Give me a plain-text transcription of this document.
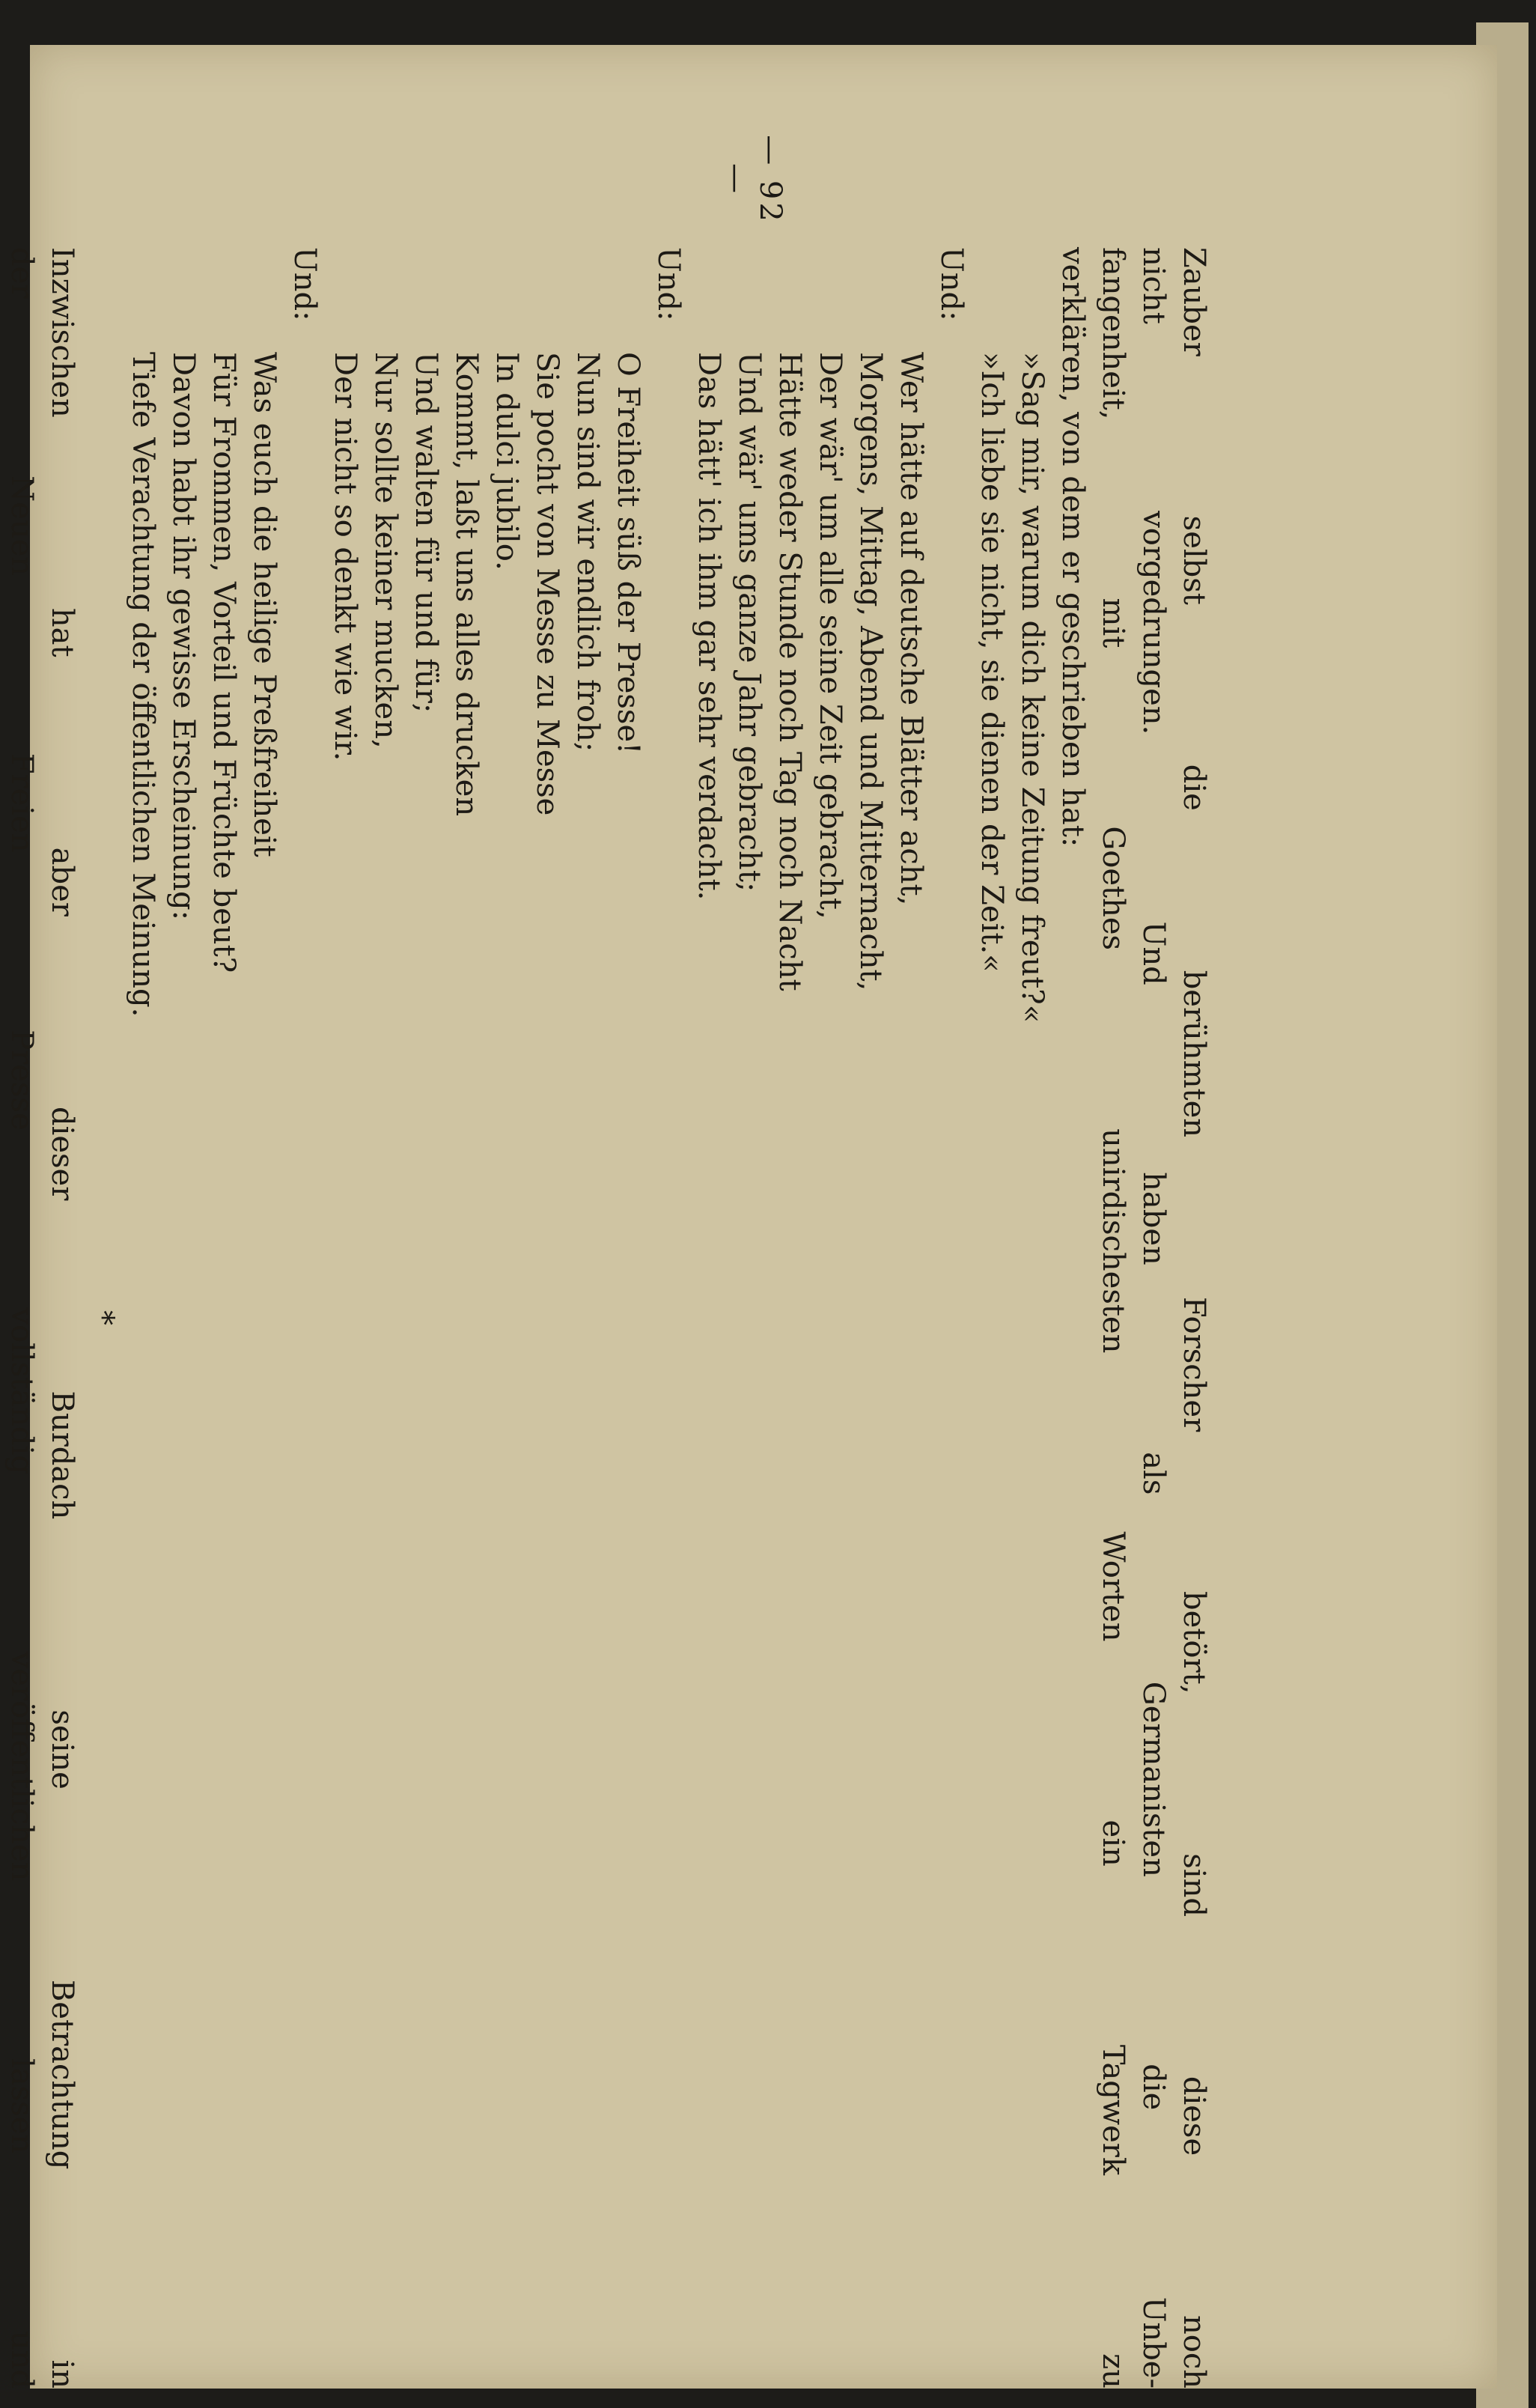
— 92 —
Zauber selbst die berühmten Forscher betört, sind diese noch
nicht vorgedrungen. Und haben als Germanisten die Unbe-
fangenheit, mit Goethes unirdischesten Worten ein Tagwerk zu
verklären, von dem er geschrieben hat:
»Sag mir, warum dich keine Zeitung freut?«
»Ich liebe sie nicht, sie dienen der Zeit.«
Und:
Wer hätte auf deutsche Blätter acht,
Morgens, Mittag, Abend und Mitternacht,
Der wär' um alle seine Zeit gebracht,
Hätte weder Stunde noch Tag noch Nacht
Und wär' ums ganze Jahr gebracht;
Das hätt' ich ihm gar sehr verdacht.
Und:
O Freiheit süß der Presse!
Nun sind wir endlich froh;
Sie pocht von Messe zu Messe
In dulci jubilo.
Kommt, laßt uns alles drucken
Und walten für und für;
Nur sollte keiner mucken,
Der nicht so denkt wie wir.
Und:
Was euch die heilige Preßfreiheit
Für Frommen, Vorteil und Früchte beut?
Davon habt ihr gewisse Erscheinung:
Tiefe Verachtung der öffentlichen Meinung.
*
Inzwischen hat aber dieser Burdach seine Betrachtung in
der Neuen Freien Presse vollständig veröffentlichen lassen und
